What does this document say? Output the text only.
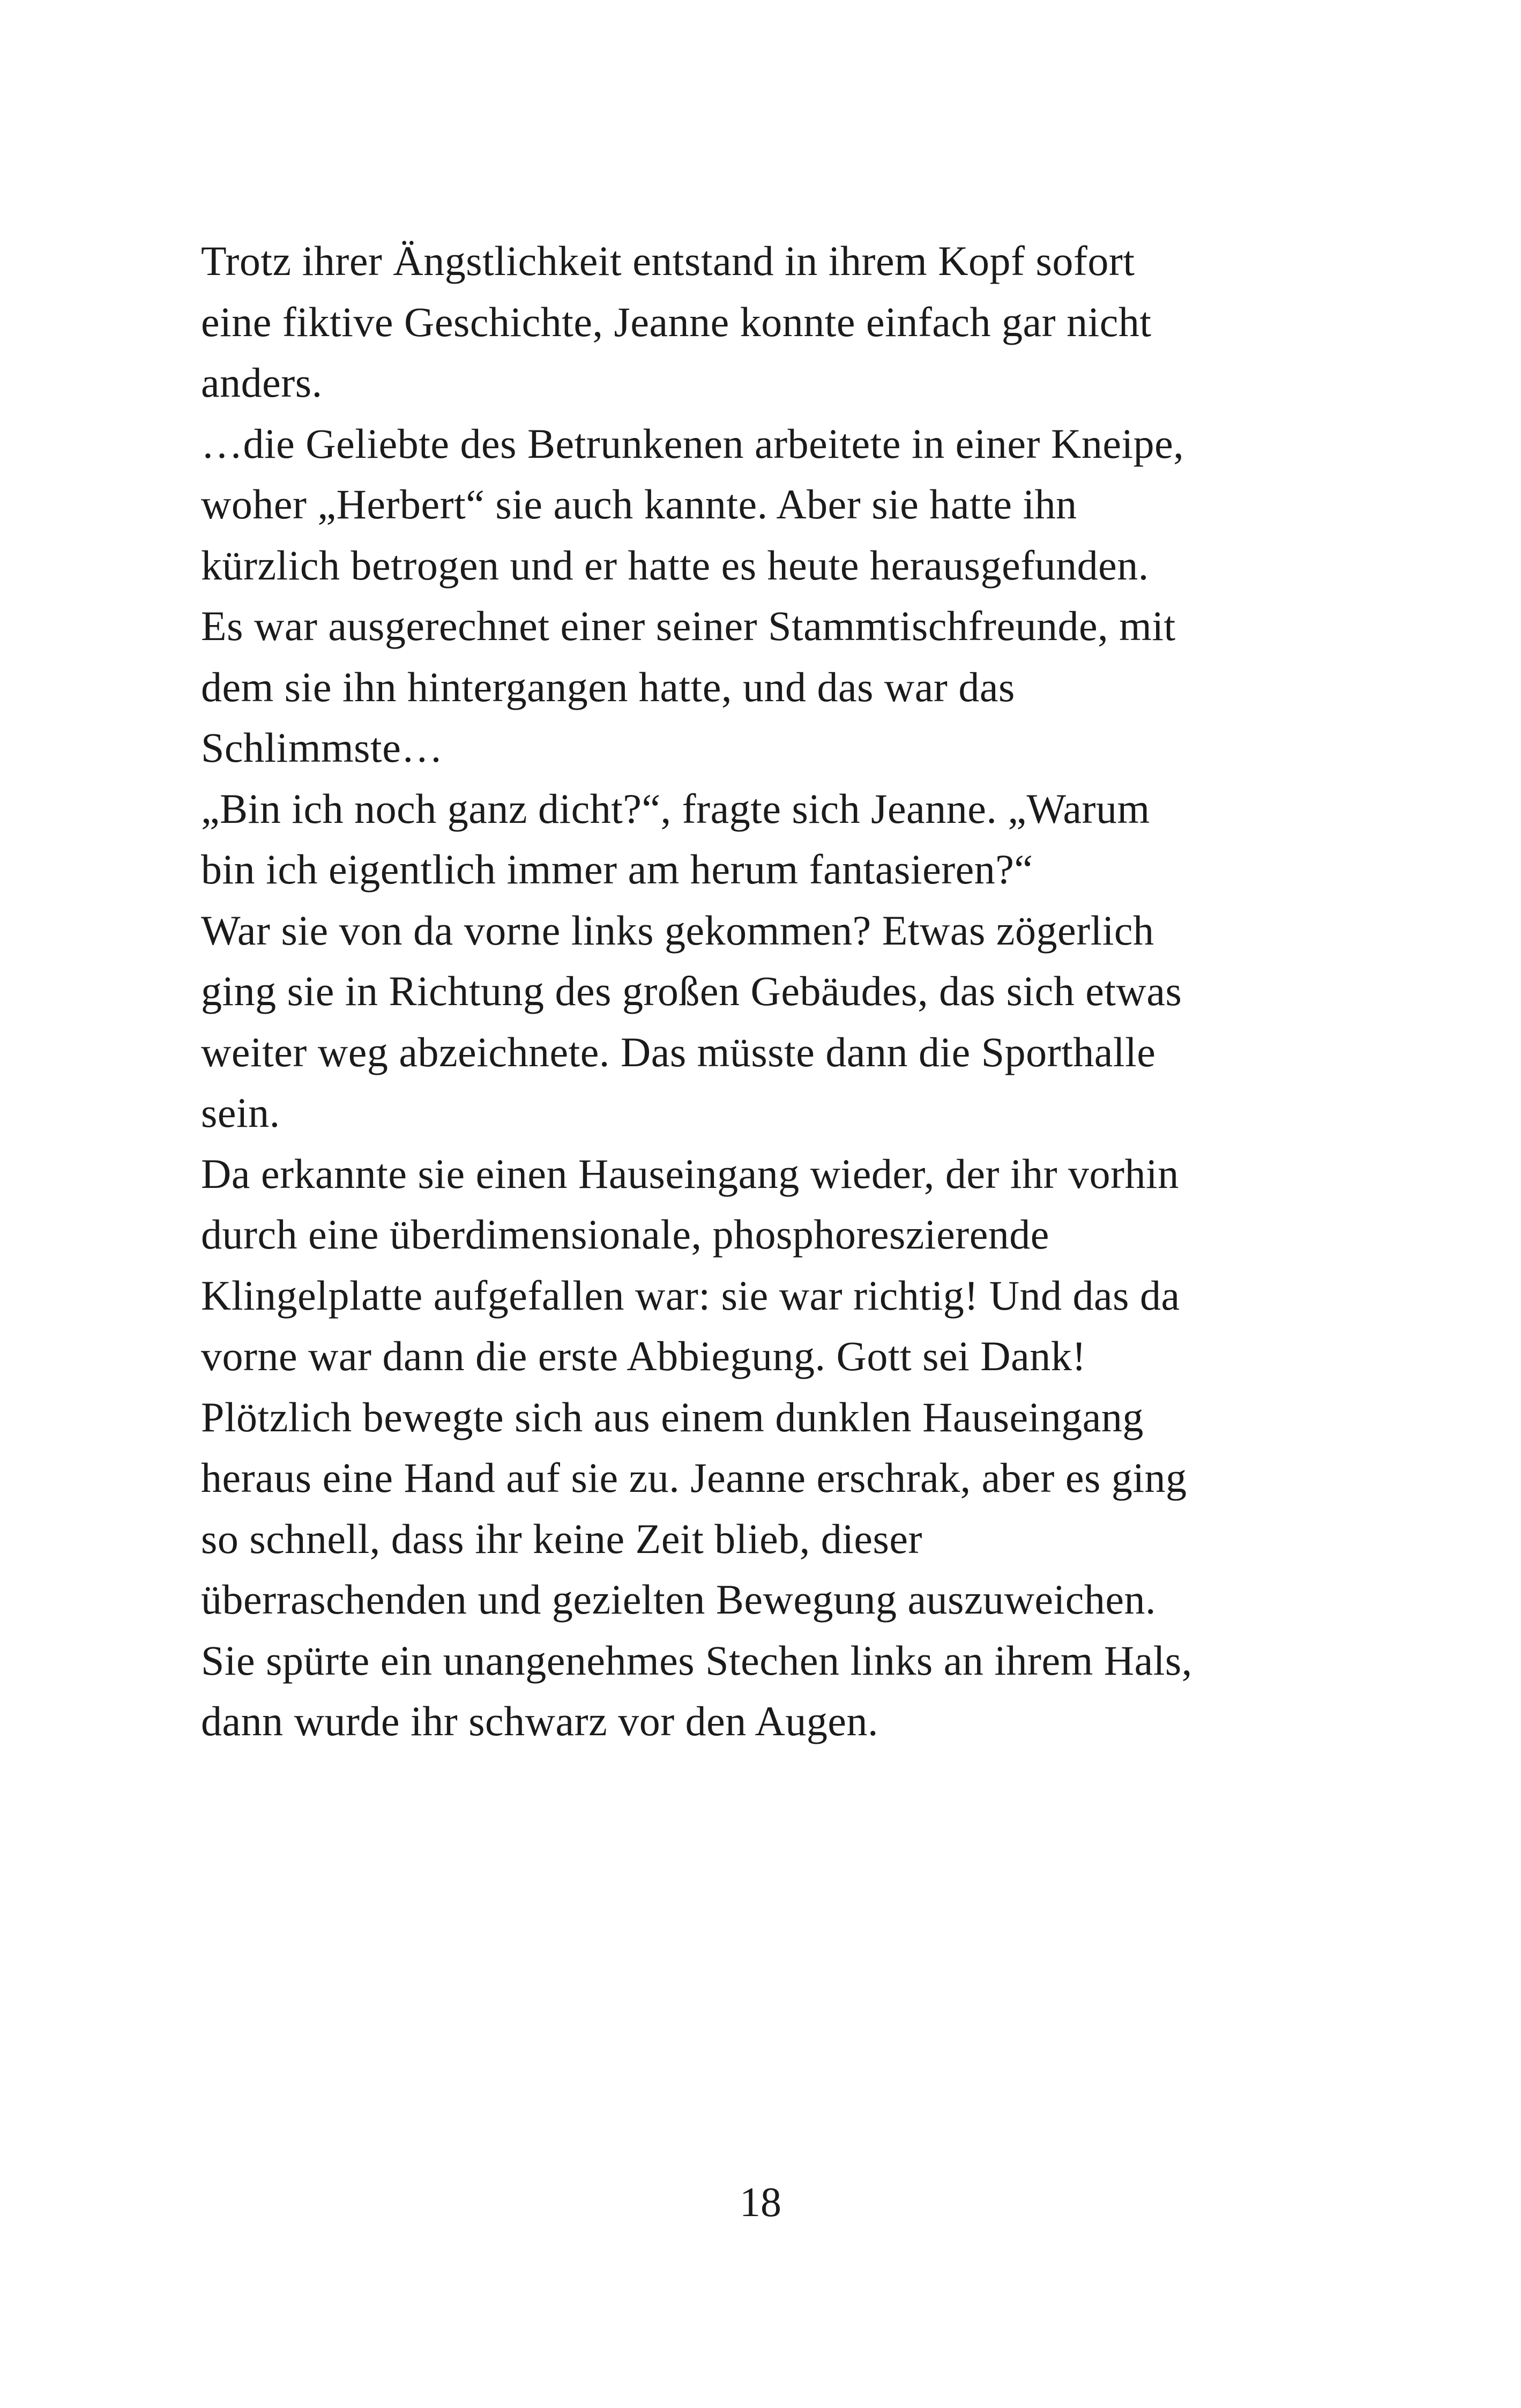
Trotz ihrer Ängstlichkeit entstand in ihrem Kopf sofort
eine fiktive Geschichte, Jeanne konnte einfach gar nicht
anders.
…die Geliebte des Betrunkenen arbeitete in einer Kneipe,
woher „Herbert“ sie auch kannte. Aber sie hatte ihn
kürzlich betrogen und er hatte es heute herausgefunden.
Es war ausgerechnet einer seiner Stammtischfreunde, mit
dem sie ihn hintergangen hatte, und das war das
Schlimmste…
„Bin ich noch ganz dicht?“, fragte sich Jeanne. „Warum
bin ich eigentlich immer am herum fantasieren?“
War sie von da vorne links gekommen? Etwas zögerlich
ging sie in Richtung des großen Gebäudes, das sich etwas
weiter weg abzeichnete. Das müsste dann die Sporthalle
sein.
Da erkannte sie einen Hauseingang wieder, der ihr vorhin
durch eine überdimensionale, phosphoreszierende
Klingelplatte aufgefallen war: sie war richtig! Und das da
vorne war dann die erste Abbiegung. Gott sei Dank!
Plötzlich bewegte sich aus einem dunklen Hauseingang
heraus eine Hand auf sie zu. Jeanne erschrak, aber es ging
so schnell, dass ihr keine Zeit blieb, dieser
überraschenden und gezielten Bewegung auszuweichen.
Sie spürte ein unangenehmes Stechen links an ihrem Hals,
dann wurde ihr schwarz vor den Augen.
18
